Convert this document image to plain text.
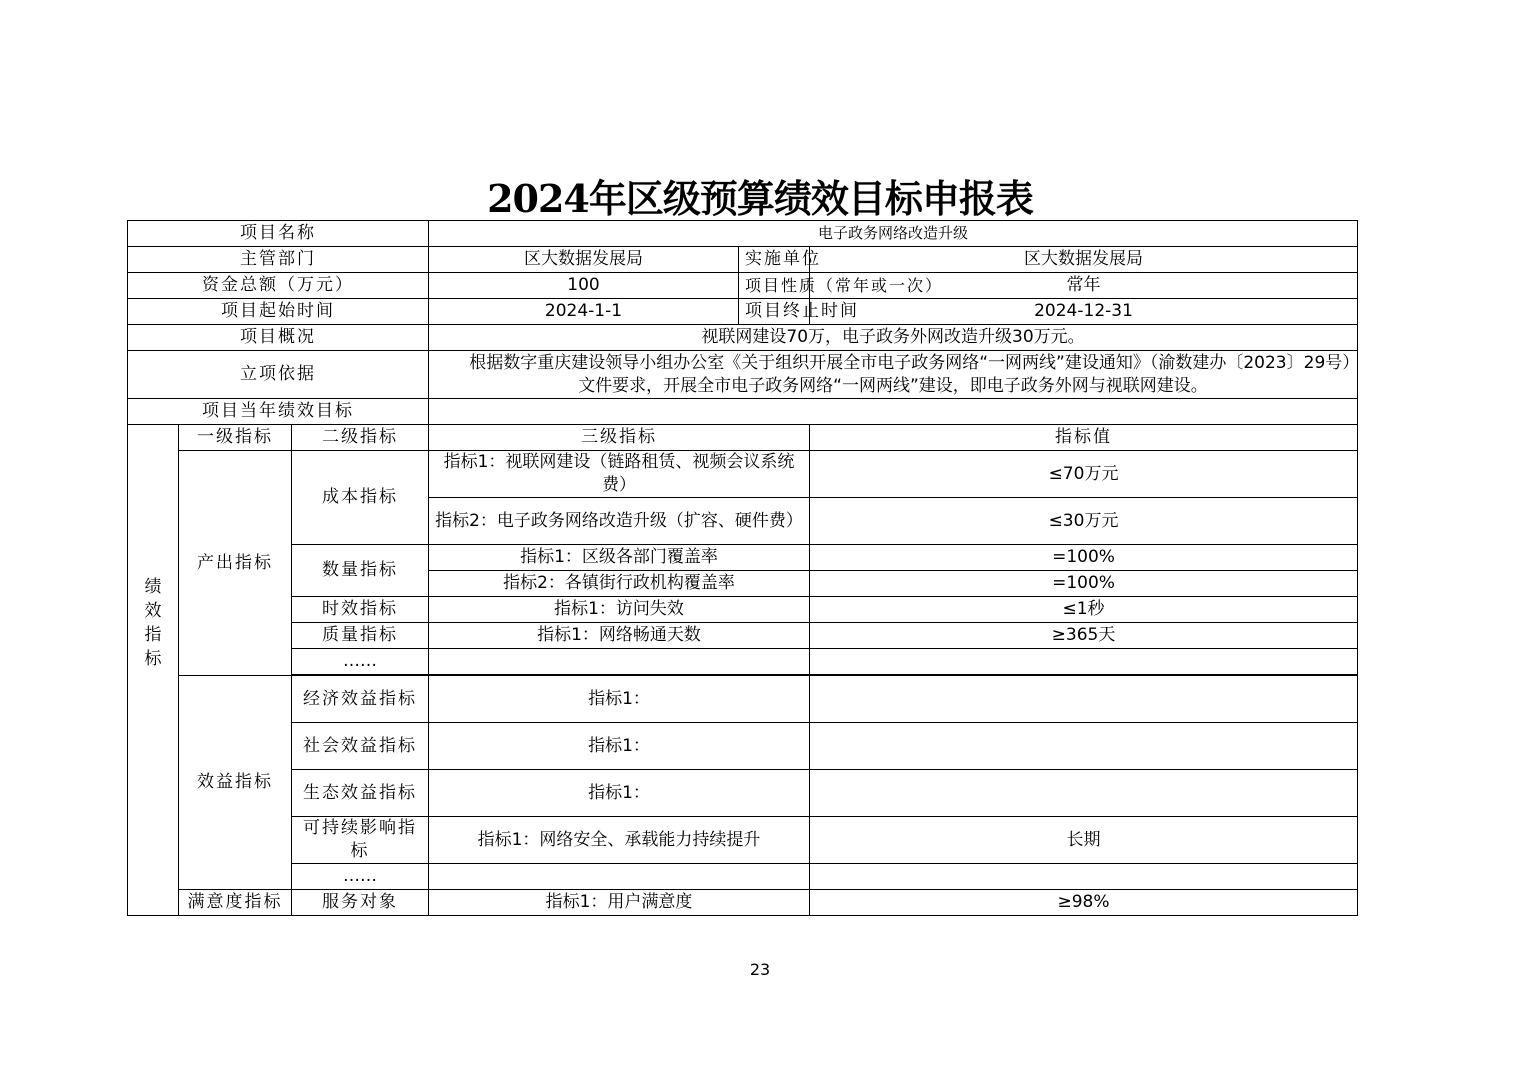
2024年区级预算绩效目标申报表
项目名称			电子政务网络改造升级		
主管部门			区大数据发展局	实施单位	区大数据发展局
资金总额（万元）			100	项目性质（常年或一次）	常年
项目起始时间			2024-1-1	项目终止时间	2024-12-31
项目概况			视联网建设70万，电子政务外网改造升级30万元。		
立项依据			根据数字重庆建设领导小组办公室《关于组织开展全市电子政务网络“一网两线”建设通知》（渝数建办〔2023〕29号）文件要求，开展全市电子政务网络“一网两线”建设，即电子政务外网与视联网建设。		
项目当年绩效目标					

绩效指标	一级指标	二级指标	三级指标		指标值
	产出指标	成本指标	指标1：视联网建设（链路租赁、视频会议系统费）		≤70万元
			指标2：电子政务网络改造升级（扩容、硬件费）		≤30万元
		数量指标	指标1：区级各部门覆盖率		=100%
			指标2：各镇街行政机构覆盖率		=100%
		时效指标	指标1：访问失效		≤1秒
		质量指标	指标1：网络畅通天数		≥365天
		……			

	效益指标	经济效益指标	指标1：		
		社会效益指标	指标1：		
		生态效益指标	指标1：		
		可持续影响指标	指标1：网络安全、承载能力持续提升		长期
		……			
	满意度指标	服务对象	指标1：用户满意度		≥98%
23
